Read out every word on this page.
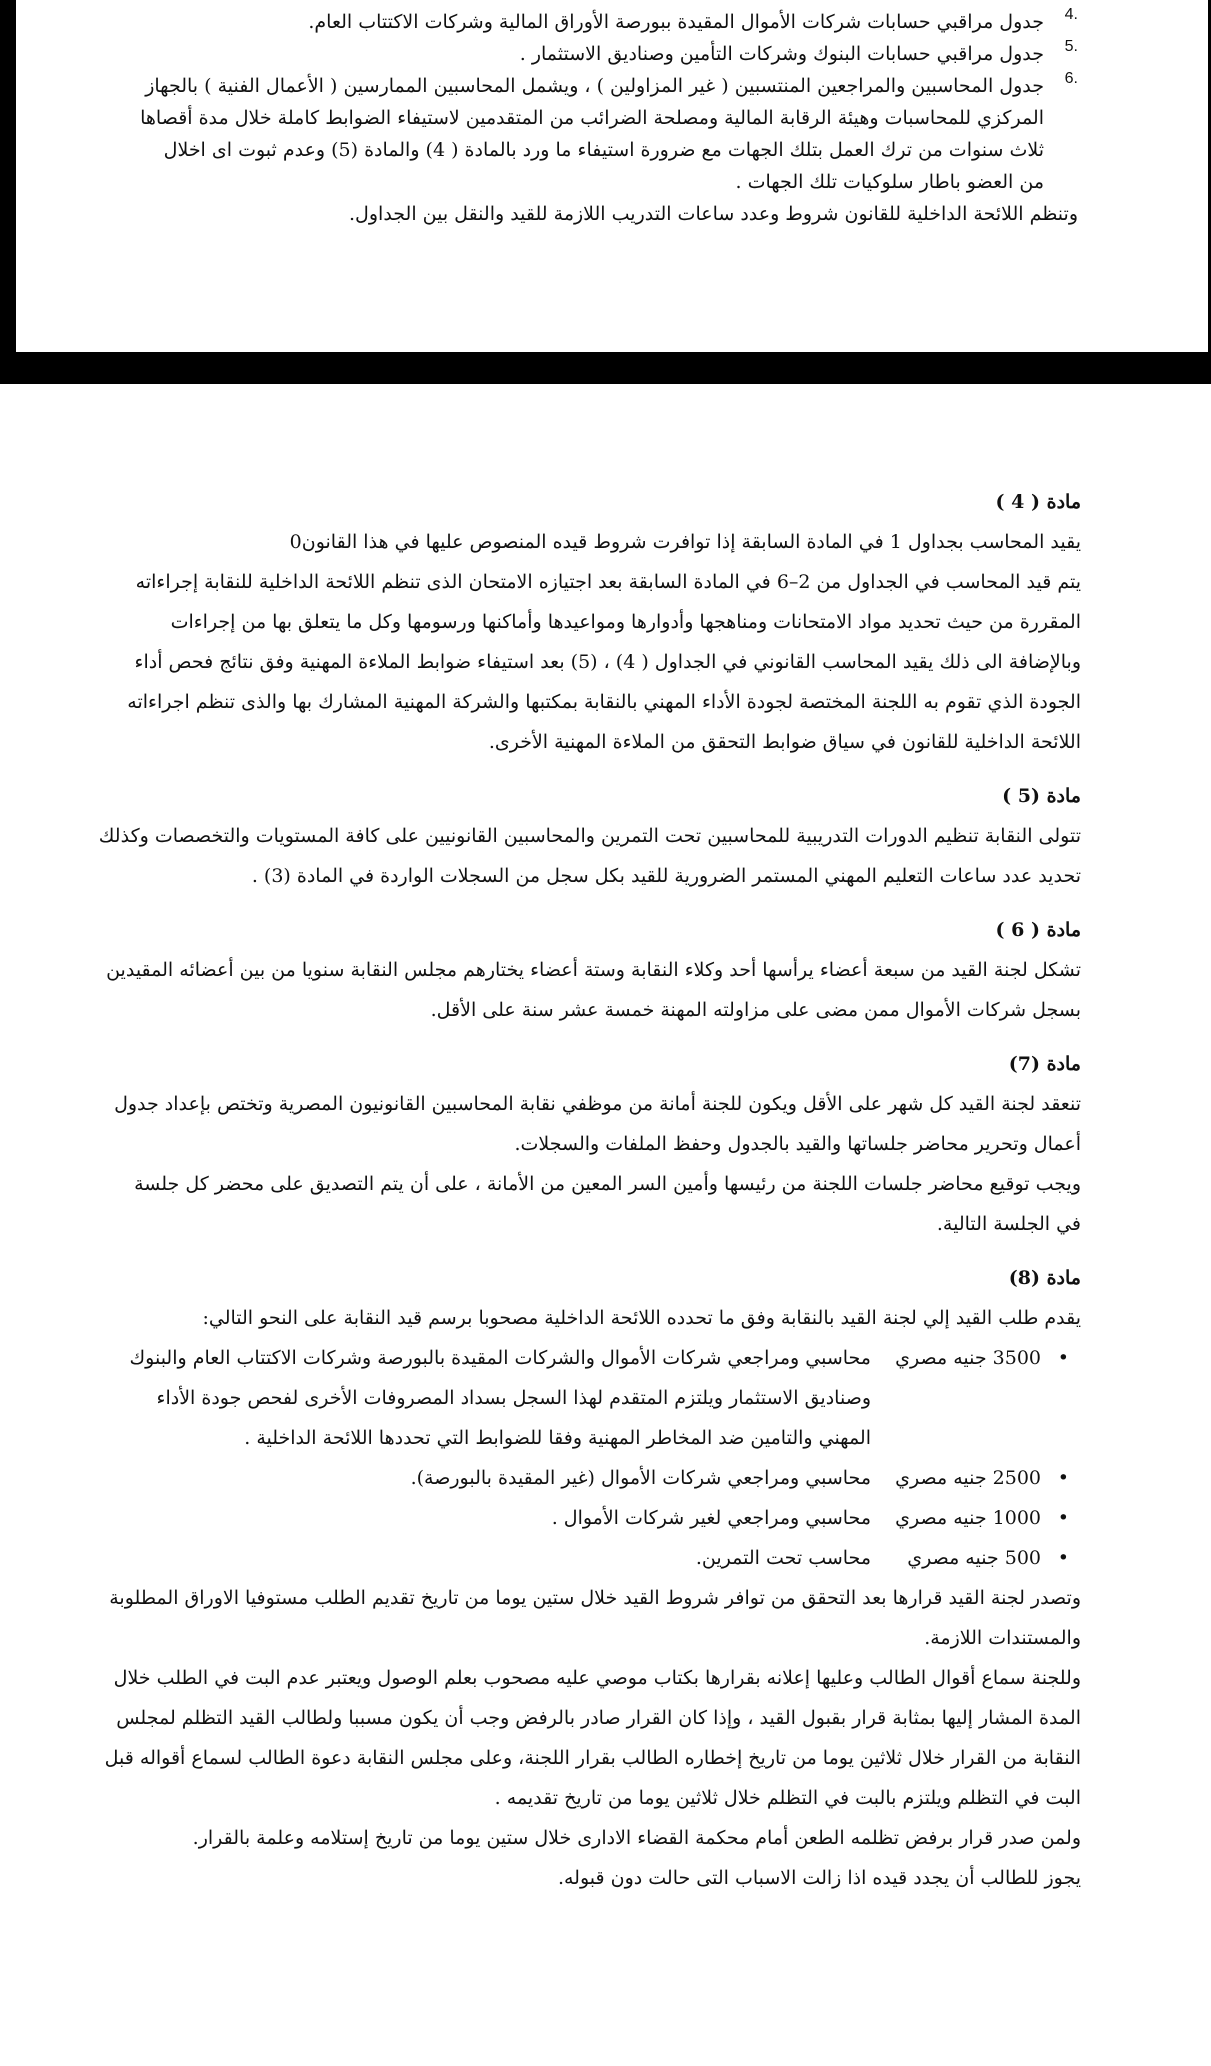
جدول مراقبي حسابات شركات الأموال المقيدة ببورصة الأوراق المالية وشركات الاكتتاب العام.
جدول مراقبي حسابات البنوك وشركات التأمين وصناديق الاستثمار .
جدول المحاسبين والمراجعين المنتسبين ( غير المزاولين ) ، ويشمل المحاسبين الممارسين ( الأعمال الفنية ) بالجهاز
المركزي للمحاسبات وهيئة الرقابة المالية ومصلحة الضرائب من المتقدمين لاستيفاء الضوابط كاملة خلال مدة أقصاها
ثلاث سنوات من ترك العمل بتلك الجهات مع ضرورة استيفاء ما ورد بالمادة ( 4) والمادة (5) وعدم ثبوت اى اخلال
من العضو باطار سلوكيات تلك الجهات .
وتنظم اللائحة الداخلية للقانون شروط وعدد ساعات التدريب اللازمة للقيد والنقل بين الجداول.
مادة ( 4 )
يقيد المحاسب بجداول 1 في المادة السابقة إذا توافرت شروط قيده المنصوص عليها في هذا القانون0
يتم قيد المحاسب في الجداول من 2–6 في المادة السابقة بعد اجتيازه الامتحان الذى تنظم اللائحة الداخلية للنقابة إجراءاته
المقررة من حيث تحديد مواد الامتحانات ومناهجها وأدوارها ومواعيدها وأماكنها ورسومها وكل ما يتعلق بها من إجراءات
وبالإضافة الى ذلك يقيد المحاسب القانوني في الجداول ( 4) ، (5) بعد استيفاء ضوابط الملاءة المهنية وفق نتائج فحص أداء
الجودة الذي تقوم به اللجنة المختصة لجودة الأداء المهني بالنقابة بمكتبها والشركة المهنية المشارك بها والذى تنظم اجراءاته
اللائحة الداخلية للقانون في سياق ضوابط التحقق من الملاءة المهنية الأخرى.
مادة (5 )
تتولى النقابة تنظيم الدورات التدريبية للمحاسبين تحت التمرين والمحاسبين القانونيين على كافة المستويات والتخصصات وكذلك
تحديد عدد ساعات التعليم المهني المستمر الضرورية للقيد بكل سجل من السجلات الواردة في المادة (3) .
مادة ( 6 )
تشكل لجنة القيد من سبعة أعضاء يرأسها أحد وكلاء النقابة وستة أعضاء يختارهم مجلس النقابة سنويا من بين أعضائه المقيدين
بسجل شركات الأموال ممن مضى على مزاولته المهنة خمسة عشر سنة على الأقل.
مادة (7)
تنعقد لجنة القيد كل شهر على الأقل ويكون للجنة أمانة من موظفي نقابة المحاسبين القانونيون المصرية وتختص بإعداد جدول
أعمال وتحرير محاضر جلساتها والقيد بالجدول وحفظ الملفات والسجلات.
ويجب توقيع محاضر جلسات اللجنة من رئيسها وأمين السر المعين من الأمانة ، على أن يتم التصديق على محضر كل جلسة
في الجلسة التالية.
مادة (8)
يقدم طلب القيد إلي لجنة القيد بالنقابة وفق ما تحدده اللائحة الداخلية مصحوبا برسم قيد النقابة على النحو التالي:
• 3500 جنيه مصري
محاسبي ومراجعي شركات الأموال والشركات المقيدة بالبورصة وشركات الاكتتاب العام والبنوك
وصناديق الاستثمار ويلتزم المتقدم لهذا السجل بسداد المصروفات الأخرى لفحص جودة الأداء
المهني والتامين ضد المخاطر المهنية وفقا للضوابط التي تحددها اللائحة الداخلية .
• 2500 جنيه مصري
محاسبي ومراجعي شركات الأموال (غير المقيدة بالبورصة).
• 1000 جنيه مصري
محاسبي ومراجعي لغير شركات الأموال .
• 500 جنيه مصري
محاسب تحت التمرين.
وتصدر لجنة القيد قرارها بعد التحقق من توافر شروط القيد خلال ستين يوما من تاريخ تقديم الطلب مستوفيا الاوراق المطلوبة
والمستندات اللازمة.
وللجنة سماع أقوال الطالب وعليها إعلانه بقرارها بكتاب موصي عليه مصحوب بعلم الوصول ويعتبر عدم البت في الطلب خلال
المدة المشار إليها بمثابة قرار بقبول القيد ، وإذا كان القرار صادر بالرفض وجب أن يكون مسببا ولطالب القيد التظلم لمجلس
النقابة من القرار خلال ثلاثين يوما من تاريخ إخطاره الطالب بقرار اللجنة، وعلى مجلس النقابة دعوة الطالب لسماع أقواله قبل
البت في التظلم ويلتزم بالبت في التظلم خلال ثلاثين يوما من تاريخ تقديمه .
ولمن صدر قرار برفض تظلمه الطعن أمام محكمة القضاء الادارى خلال ستين يوما من تاريخ إستلامه وعلمة بالقرار.
يجوز للطالب أن يجدد قيده اذا زالت الاسباب التى حالت دون قبوله.
